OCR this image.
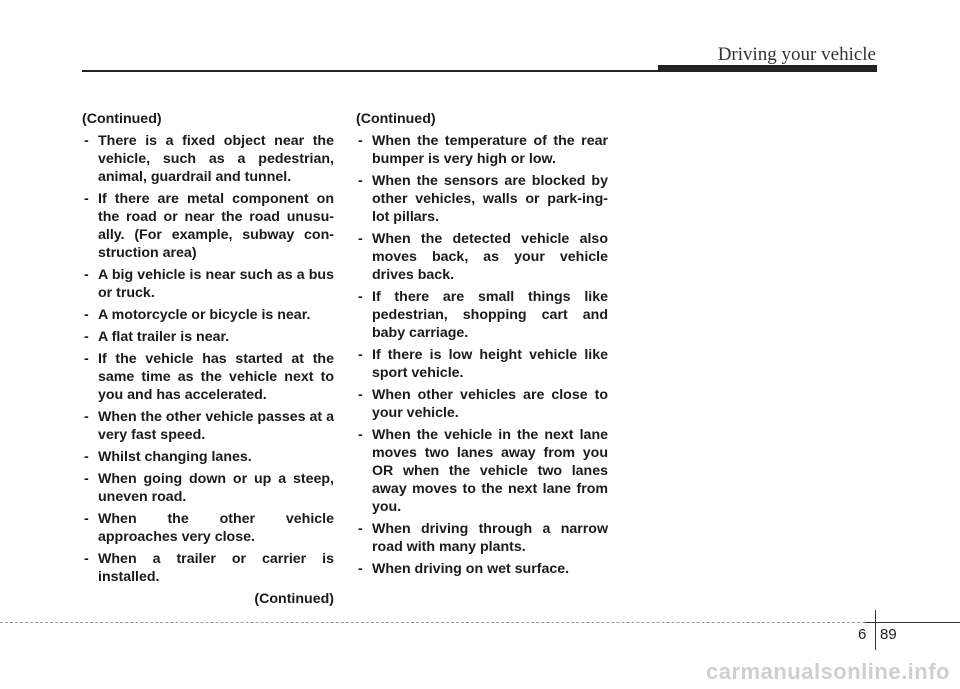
Driving your vehicle
(Continued)
- There is a fixed object near the vehicle, such as a pedestrian, animal, guardrail and tunnel.
- If there are metal component on the road or near the road unusu-ally. (For example, subway con-struction area)
- A big vehicle is near such as a bus or truck.
- A motorcycle or bicycle is near.
- A flat trailer is near.
- If the vehicle has started at the same time as the vehicle next to you and has accelerated.
- When the other vehicle passes at a very fast speed.
- Whilst changing lanes.
- When going down or up a steep, uneven road.
- When the other vehicle approaches very close.
- When a trailer or carrier is installed.
(Continued)
(Continued)
- When the temperature of the rear bumper is very high or low.
- When the sensors are blocked by other vehicles, walls or park-ing-lot pillars.
- When the detected vehicle also moves back, as your vehicle drives back.
- If there are small things like pedestrian, shopping cart and baby carriage.
- If there is low height vehicle like sport vehicle.
- When other vehicles are close to your vehicle.
- When the vehicle in the next lane moves two lanes away from you OR when the vehicle two lanes away moves to the next lane from you.
- When driving through a narrow road with many plants.
- When driving on wet surface.
6 89
carmanualsonline.info
